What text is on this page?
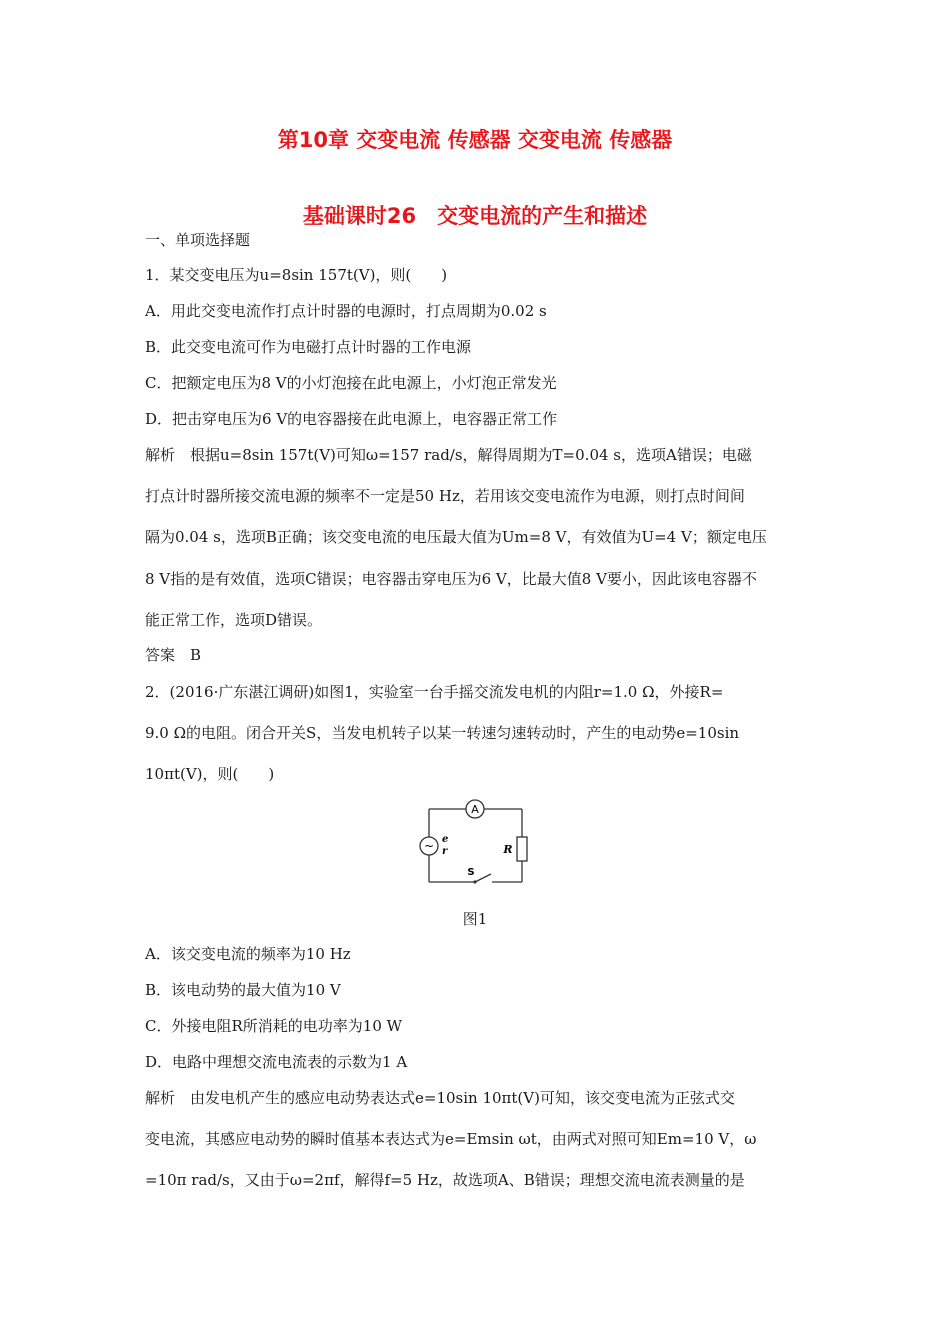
第10章 交变电流 传感器 交变电流 传感器
基础课时26　交变电流的产生和描述
一、单项选择题
1．某交变电压为u=8sin 157t(V)，则(　　)
A．用此交变电流作打点计时器的电源时，打点周期为0.02 s
B．此交变电流可作为电磁打点计时器的工作电源
C．把额定电压为8 V的小灯泡接在此电源上，小灯泡正常发光
D．把击穿电压为6 V的电容器接在此电源上，电容器正常工作
解析　根据u=8sin 157t(V)可知ω=157 rad/s，解得周期为T=0.04 s，选项A错误；电磁
打点计时器所接交流电源的频率不一定是50 Hz，若用该交变电流作为电源，则打点时间间
隔为0.04 s，选项B正确；该交变电流的电压最大值为Um=8 V，有效值为U=4 V；额定电压
8 V指的是有效值，选项C错误；电容器击穿电压为6 V，比最大值8 V要小，因此该电容器不
能正常工作，选项D错误。
答案　B
2．(2016·广东湛江调研)如图1，实验室一台手摇交流发电机的内阻r=1.0 Ω，外接R=
9.0 Ω的电阻。闭合开关S，当发电机转子以某一转速匀速转动时，产生的电动势e=10sin
10πt(V)，则(　　)
A
~ e
r	R
S
图1
A．该交变电流的频率为10 Hz
B．该电动势的最大值为10 V
C．外接电阻R所消耗的电功率为10 W
D．电路中理想交流电流表的示数为1 A
解析　由发电机产生的感应电动势表达式e=10sin 10πt(V)可知，该交变电流为正弦式交
变电流，其感应电动势的瞬时值基本表达式为e=Emsin ωt，由两式对照可知Em=10 V，ω
=10π rad/s，又由于ω=2πf，解得f=5 Hz，故选项A、B错误；理想交流电流表测量的是
